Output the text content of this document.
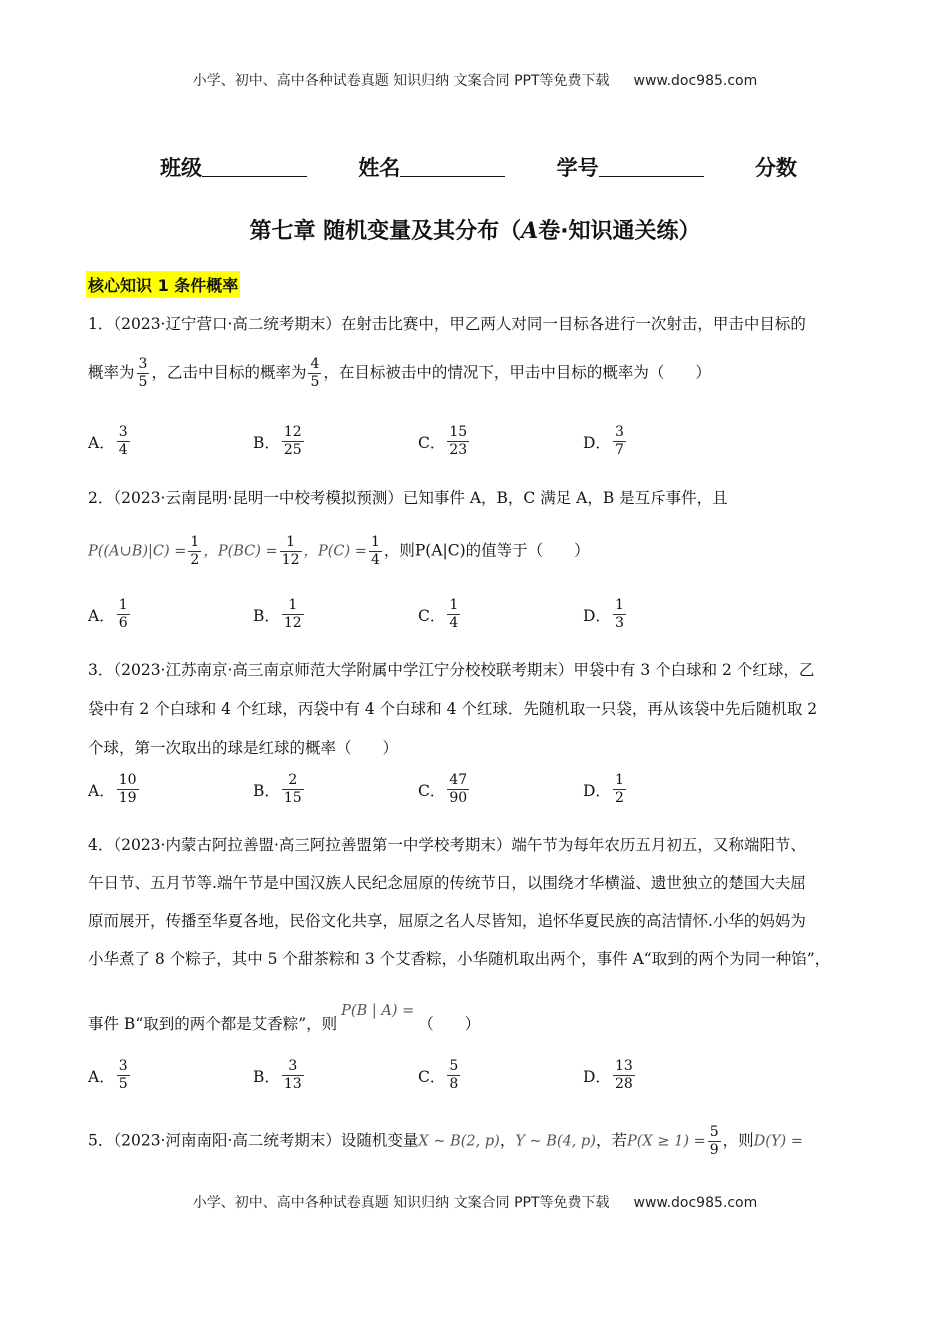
小学、初中、高中各种试卷真题 知识归纳 文案合同 PPT等免费下载 www.doc985.com
班级	姓名	学号	分数
第七章 随机变量及其分布（A卷·知识通关练）
核心知识 1 条件概率
1．（2023·辽宁营口·高二统考期末）在射击比赛中，甲乙两人对同一目标各进行一次射击，甲击中目标的
概率为 $\frac{3}{5}$ ，乙击中目标的概率为 $\frac{4}{5}$ ，在目标被击中的情况下，甲击中目标的概率为（　　）
A． $\frac{3}{4}$	B． $\frac{12}{25}$	C． $\frac{15}{23}$	D． $\frac{3}{7}$
2．（2023·云南昆明·昆明一中校考模拟预测）已知事件 A，B，C 满足 A，B 是互斥事件，且
P((A∪B)|C) = $\frac{1}{2}$ ，$P(BC) = \frac{1}{12}$ ，$P(C) = \frac{1}{4}$ ，则P(A|C)的值等于（　　）
A． $\frac{1}{6}$	B． $\frac{1}{12}$	C． $\frac{1}{4}$	D． $\frac{1}{3}$
3．（2023·江苏南京·高三南京师范大学附属中学江宁分校校联考期末）甲袋中有 3 个白球和 2 个红球，乙
袋中有 2 个白球和 4 个红球，丙袋中有 4 个白球和 4 个红球．先随机取一只袋，再从该袋中先后随机取 2
个球，第一次取出的球是红球的概率（　　）
A． $\frac{10}{19}$	B． $\frac{2}{15}$	C． $\frac{47}{90}$	D． $\frac{1}{2}$
4．（2023·内蒙古阿拉善盟·高三阿拉善盟第一中学校考期末）端午节为每年农历五月初五，又称端阳节、
午日节、五月节等.端午节是中国汉族人民纪念屈原的传统节日，以围绕才华横溢、遗世独立的楚国大夫屈
原而展开，传播至华夏各地，民俗文化共享，屈原之名人尽皆知，追怀华夏民族的高洁情怀.小华的妈妈为
小华煮了 8 个粽子，其中 5 个甜茶粽和 3 个艾香粽，小华随机取出两个，事件 A“取到的两个为同一种馅”，
事件 B“取到的两个都是艾香粽”，则P(B | A) =（　　）
A． $\frac{3}{5}$	B． $\frac{3}{13}$	C． $\frac{5}{8}$	D． $\frac{13}{28}$
5．（2023·河南南阳·高二统考期末）设随机变量X ~ B(2, p)，Y ~ B(4, p)，若$P(X \ge 1) = \frac{5}{9}$ ，则D(Y) =
小学、初中、高中各种试卷真题 知识归纳 文案合同 PPT等免费下载 www.doc985.com
